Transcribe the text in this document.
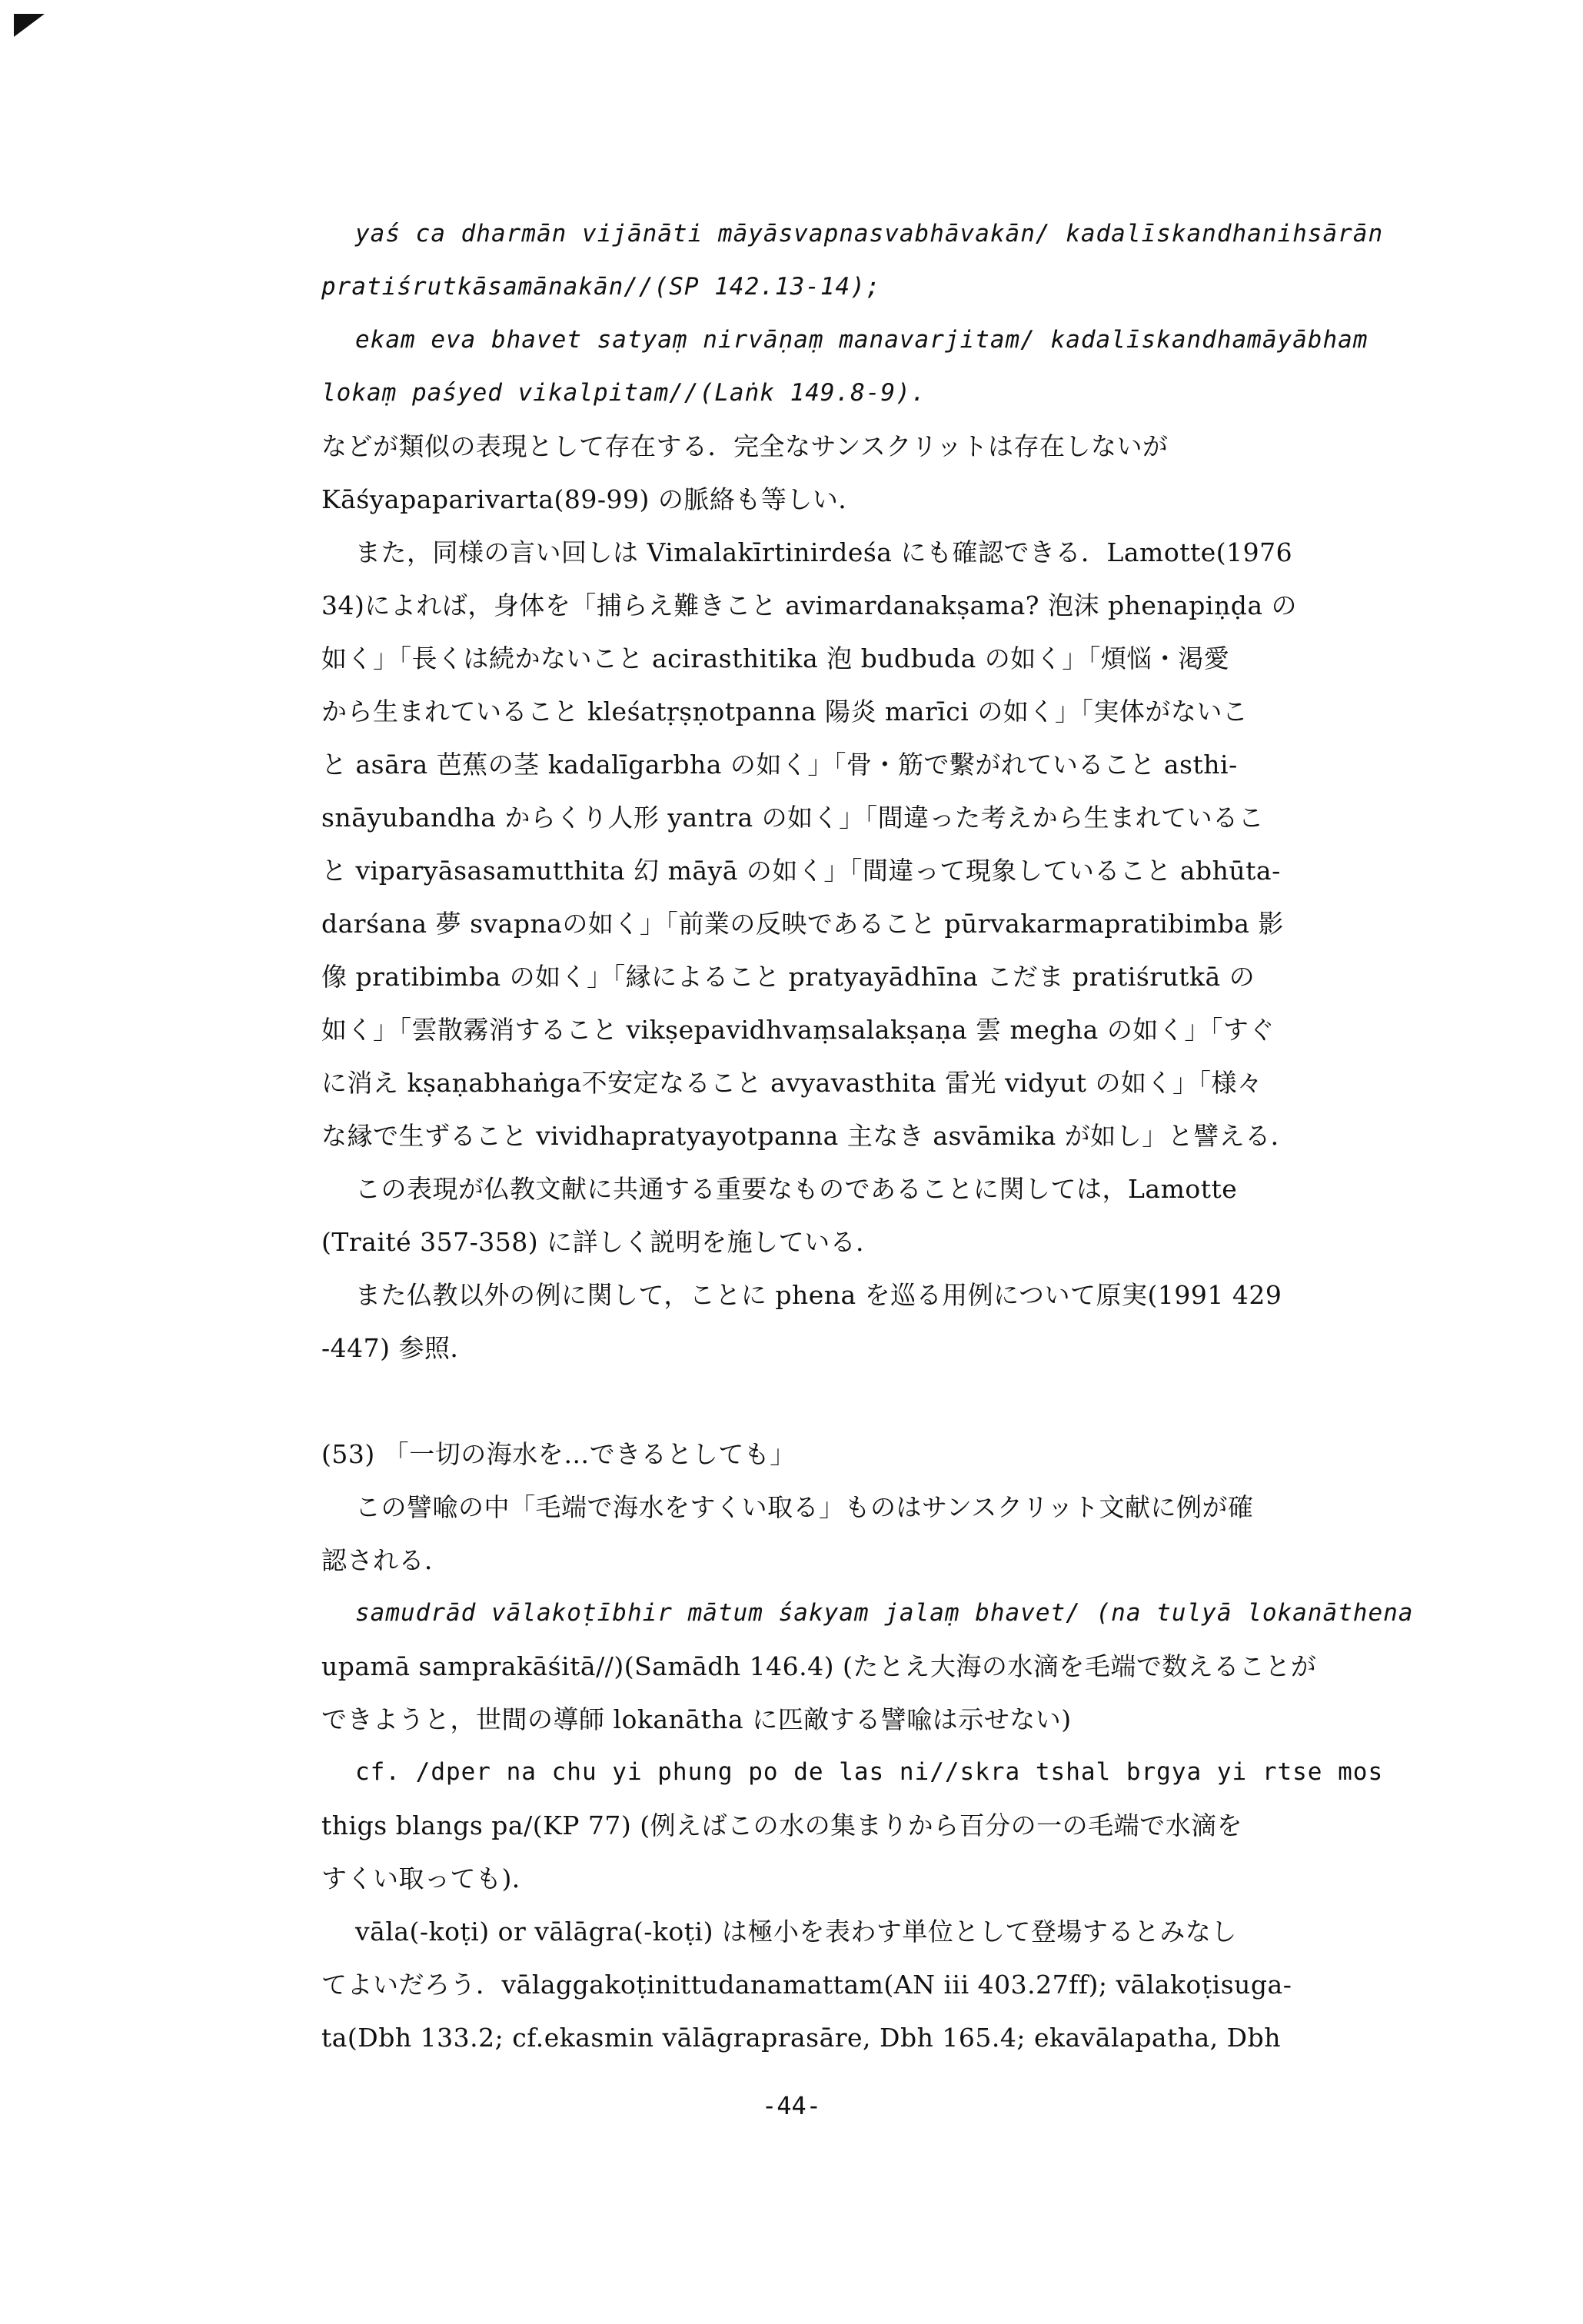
yaś ca dharmān vijānāti māyāsvapnasvabhāvakān/ kadalīskandhanihsārān
pratiśrutkāsamānakān//(SP 142.13-14);
ekam eva bhavet satyaṃ nirvāṇaṃ manavarjitam/ kadalīskandhamāyābham
lokaṃ paśyed vikalpitam//(Laṅk 149.8-9).
などが類似の表現として存在する．完全なサンスクリットは存在しないが
Kāśyapaparivarta(89-99) の脈絡も等しい．
また，同様の言い回しは Vimalakīrtinirdeśa にも確認できる．Lamotte(1976
34)によれば，身体を「捕らえ難きこと avimardanakṣama? 泡沫 phenapiṇḍa の
如く」「長くは続かないこと acirasthitika 泡 budbuda の如く」「煩悩・渇愛
から生まれていること kleśatṛṣṇotpanna 陽炎 marīci の如く」「実体がないこ
と asāra 芭蕉の茎 kadalīgarbha の如く」「骨・筋で繫がれていること asthi-
snāyubandha からくり人形 yantra の如く」「間違った考えから生まれているこ
と viparyāsasamutthita 幻 māyā の如く」「間違って現象していること abhūta-
darśana 夢 svapnaの如く」「前業の反映であること pūrvakarmapratibimba 影
像 pratibimba の如く」「縁によること pratyayādhīna こだま pratiśrutkā の
如く」「雲散霧消すること vikṣepavidhvaṃsalakṣaṇa 雲 megha の如く」「すぐ
に消え kṣaṇabhaṅga不安定なること avyavasthita 雷光 vidyut の如く」「様々
な縁で生ずること vividhapratyayotpanna 主なき asvāmika が如し」と譬える．
この表現が仏教文献に共通する重要なものであることに関しては，Lamotte
(Traité 357-358) に詳しく説明を施している．
また仏教以外の例に関して，ことに phena を巡る用例について原実(1991 429
-447) 参照．
(53) 「一切の海水を…できるとしても」
この譬喩の中「毛端で海水をすくい取る」ものはサンスクリット文献に例が確
認される．
samudrād vālakoṭībhir mātum śakyam jalaṃ bhavet/ (na tulyā lokanāthena
upamā samprakāśitā//)(Samādh 146.4) (たとえ大海の水滴を毛端で数えることが
できようと，世間の導師 lokanātha に匹敵する譬喩は示せない)
cf. /dper na chu yi phung po de las ni//skra tshal brgya yi rtse mos
thigs blangs pa/(KP 77) (例えばこの水の集まりから百分の一の毛端で水滴を
すくい取っても)．
vāla(-koṭi) or vālāgra(-koṭi) は極小を表わす単位として登場するとみなし
てよいだろう．vālaggakoṭinittudanamattam(AN iii 403.27ff); vālakoṭisuga-
ta(Dbh 133.2; cf.ekasmin vālāgraprasāre, Dbh 165.4; ekavālapatha, Dbh
-44-
